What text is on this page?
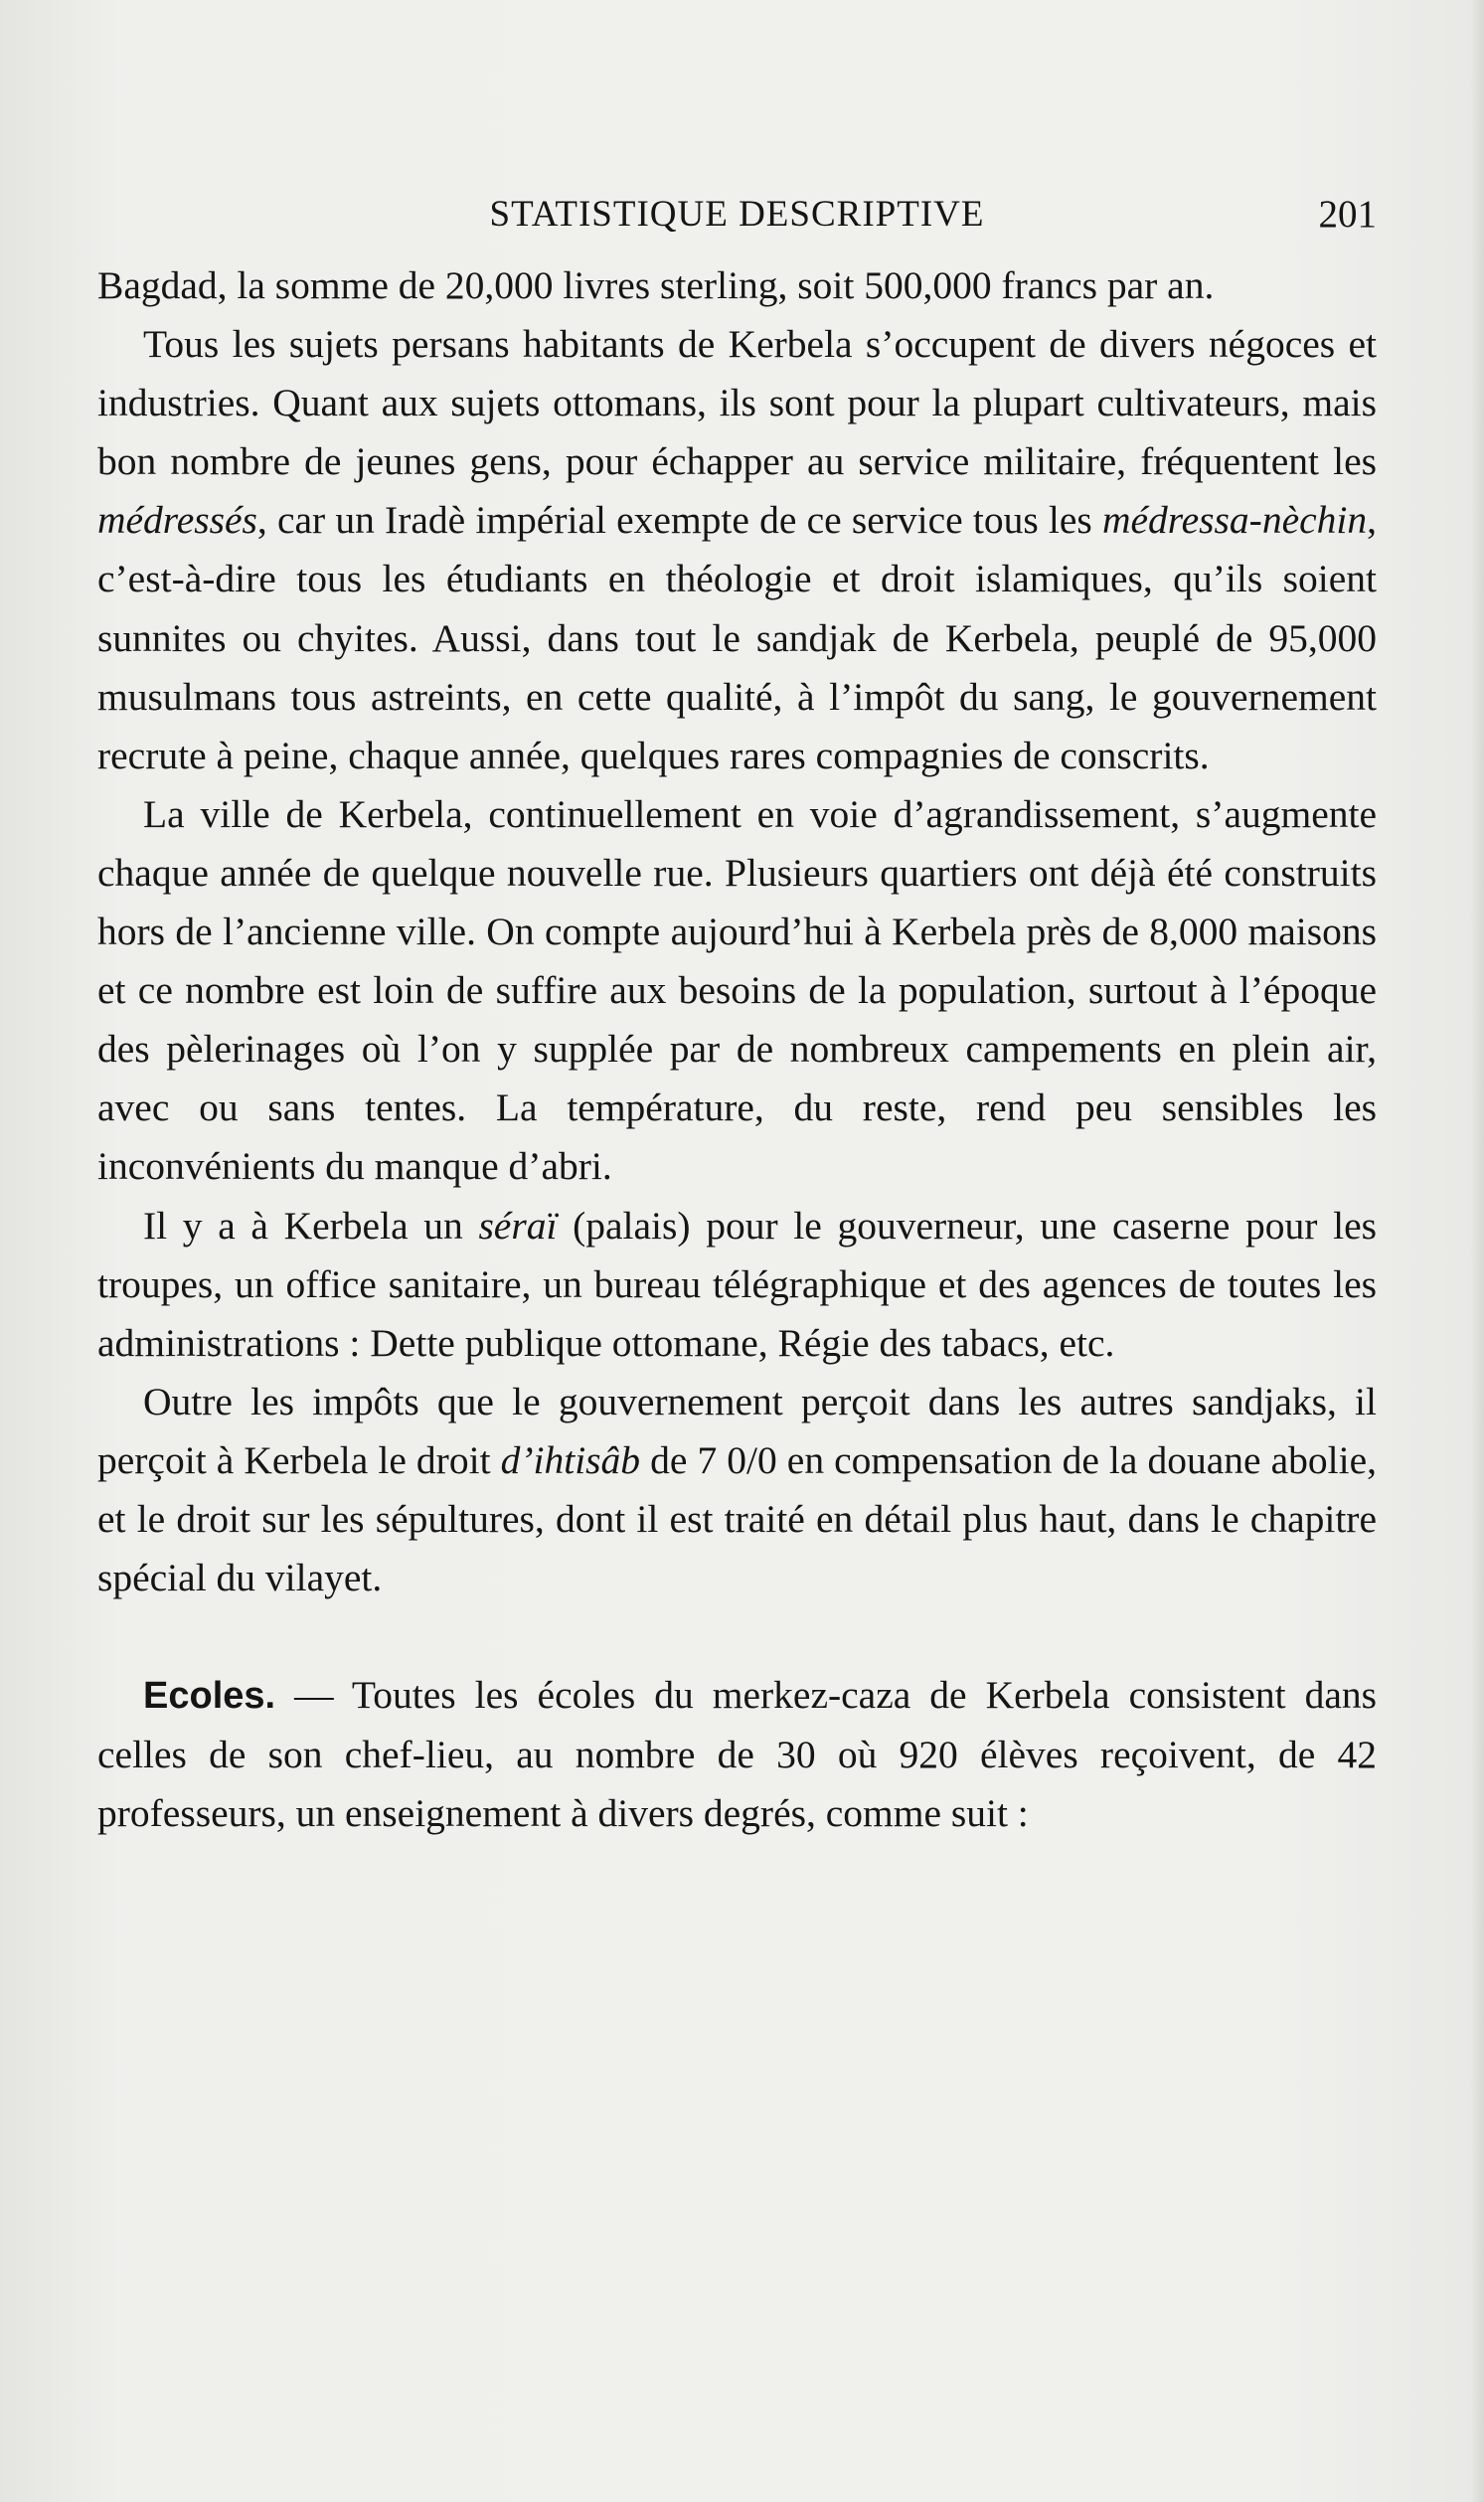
STATISTIQUE DESCRIPTIVE	201

Bagdad, la somme de 20,000 livres sterling, soit 500,000 francs par an.

Tous les sujets persans habitants de Kerbela s’occupent de divers négoces et industries. Quant aux sujets ottomans, ils sont pour la plupart cultivateurs, mais bon nombre de jeunes gens, pour échapper au service militaire, fréquentent les médressés, car un Iradè impérial exempte de ce service tous les médressa-nèchin, c’est-à-dire tous les étudiants en théologie et droit islamiques, qu’ils soient sunnites ou chyites. Aussi, dans tout le sandjak de Kerbela, peuplé de 95,000 musulmans tous astreints, en cette qualité, à l’impôt du sang, le gouvernement recrute à peine, chaque année, quelques rares compagnies de conscrits.

La ville de Kerbela, continuellement en voie d’agrandissement, s’augmente chaque année de quelque nouvelle rue. Plusieurs quartiers ont déjà été construits hors de l’ancienne ville. On compte aujourd’hui à Kerbela près de 8,000 maisons et ce nombre est loin de suffire aux besoins de la population, surtout à l’époque des pèlerinages où l’on y supplée par de nombreux campements en plein air, avec ou sans tentes. La température, du reste, rend peu sensibles les inconvénients du manque d’abri.

Il y a à Kerbela un séraï (palais) pour le gouverneur, une caserne pour les troupes, un office sanitaire, un bureau télégraphique et des agences de toutes les administrations : Dette publique ottomane, Régie des tabacs, etc.

Outre les impôts que le gouvernement perçoit dans les autres sandjaks, il perçoit à Kerbela le droit d’ihtisâb de 7 0/0 en compensation de la douane abolie, et le droit sur les sépultures, dont il est traité en détail plus haut, dans le chapitre spécial du vilayet.

Ecoles. — Toutes les écoles du merkez-caza de Kerbela consistent dans celles de son chef-lieu, au nombre de 30 où 920 élèves reçoivent, de 42 professeurs, un enseignement à divers degrés, comme suit :
